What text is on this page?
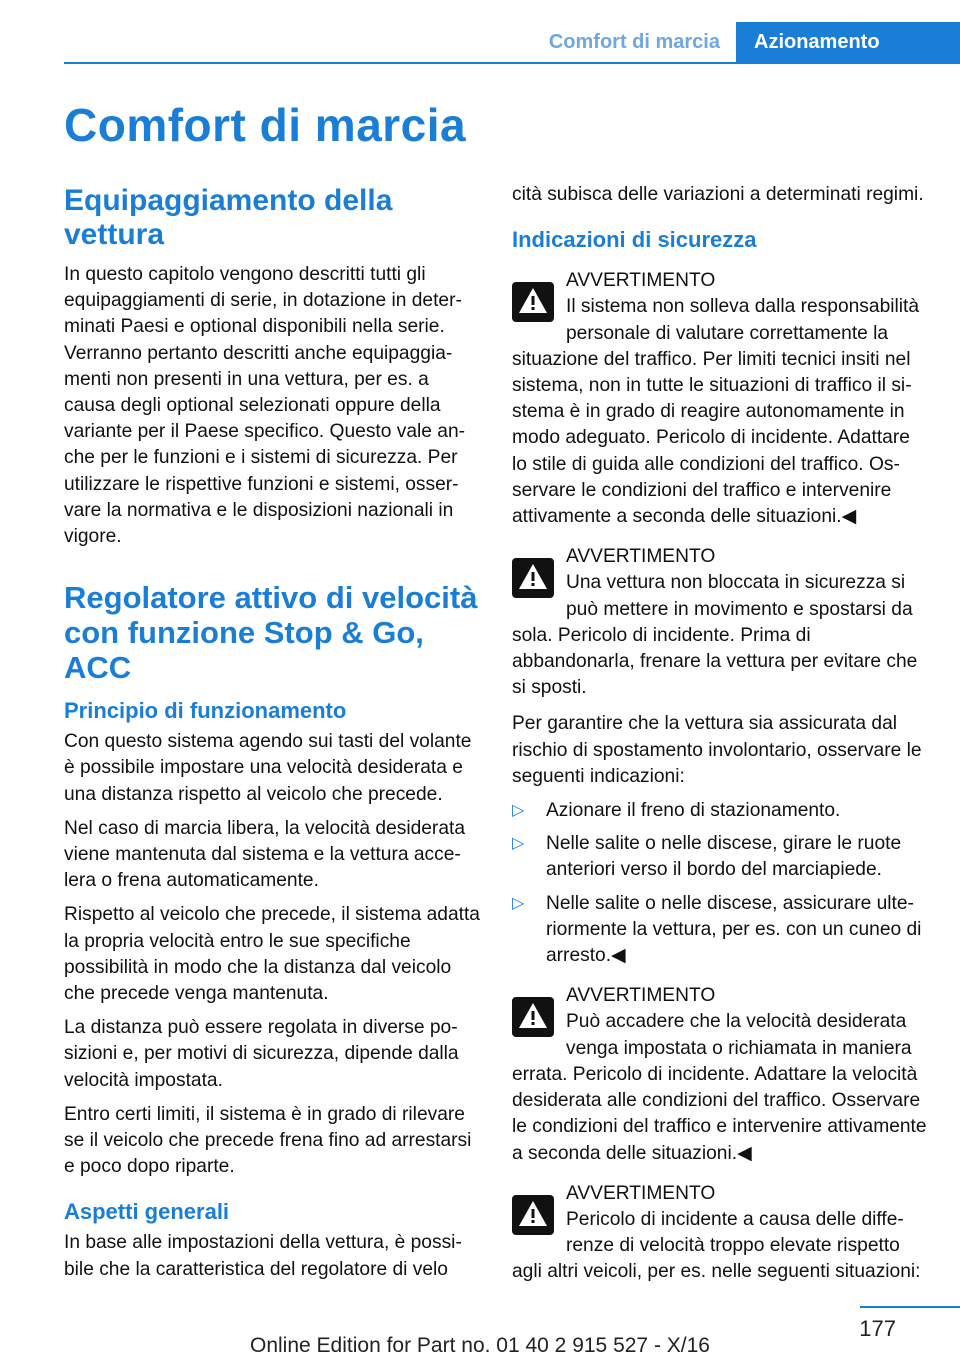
Comfort di marcia	Azionamento
Comfort di marcia
Equipaggiamento della vettura

In questo capitolo vengono descritti tutti gli equipaggiamenti di serie, in dotazione in determinati Paesi e optional disponibili nella serie. Verranno pertanto descritti anche equipaggiamenti non presenti in una vettura, per es. a causa degli optional selezionati oppure della variante per il Paese specifico. Questo vale anche per le funzioni e i sistemi di sicurezza. Per utilizzare le rispettive funzioni e sistemi, osservare la normativa e le disposizioni nazionali in vigore.

Regolatore attivo di velocità con funzione Stop & Go, ACC
Principio di funzionamento

Con questo sistema agendo sui tasti del volante è possibile impostare una velocità desiderata e una distanza rispetto al veicolo che precede.

Nel caso di marcia libera, la velocità desiderata viene mantenuta dal sistema e la vettura accelera o frena automaticamente.

Rispetto al veicolo che precede, il sistema adatta la propria velocità entro le sue specifiche possibilità in modo che la distanza dal veicolo che precede venga mantenuta.

La distanza può essere regolata in diverse posizioni e, per motivi di sicurezza, dipende dalla velocità impostata.

Entro certi limiti, il sistema è in grado di rilevare se il veicolo che precede frena fino ad arrestarsi e poco dopo riparte.

Aspetti generali

In base alle impostazioni della vettura, è possibile che la caratteristica del regolatore di velo

cità subisca delle variazioni a determinati regimi.

Indicazioni di sicurezza
AVVERTIMENTO

Il sistema non solleva dalla responsabilità personale di valutare correttamente la situazione del traffico. Per limiti tecnici insiti nel sistema, non in tutte le situazioni di traffico il sistema è in grado di reagire autonomamente in modo adeguato. Pericolo di incidente. Adattare lo stile di guida alle condizioni del traffico. Osservare le condizioni del traffico e intervenire attivamente a seconda delle situazioni.◀

AVVERTIMENTO

Una vettura non bloccata in sicurezza si può mettere in movimento e spostarsi da sola. Pericolo di incidente. Prima di abbandonarla, frenare la vettura per evitare che si sposti.

Per garantire che la vettura sia assicurata dal rischio di spostamento involontario, osservare le seguenti indicazioni:

▷ Azionare il freno di stazionamento.
▷ Nelle salite o nelle discese, girare le ruote anteriori verso il bordo del marciapiede.
▷ Nelle salite o nelle discese, assicurare ulteriormente la vettura, per es. con un cuneo di arresto.◀
AVVERTIMENTO

Può accadere che la velocità desiderata venga impostata o richiamata in maniera errata. Pericolo di incidente. Adattare la velocità desiderata alle condizioni del traffico. Osservare le condizioni del traffico e intervenire attivamente a seconda delle situazioni.◀

AVVERTIMENTO

Pericolo di incidente a causa delle differenze di velocità troppo elevate rispetto agli altri veicoli, per es. nelle seguenti situazioni:

177
Online Edition for Part no. 01 40 2 915 527 - X/16
